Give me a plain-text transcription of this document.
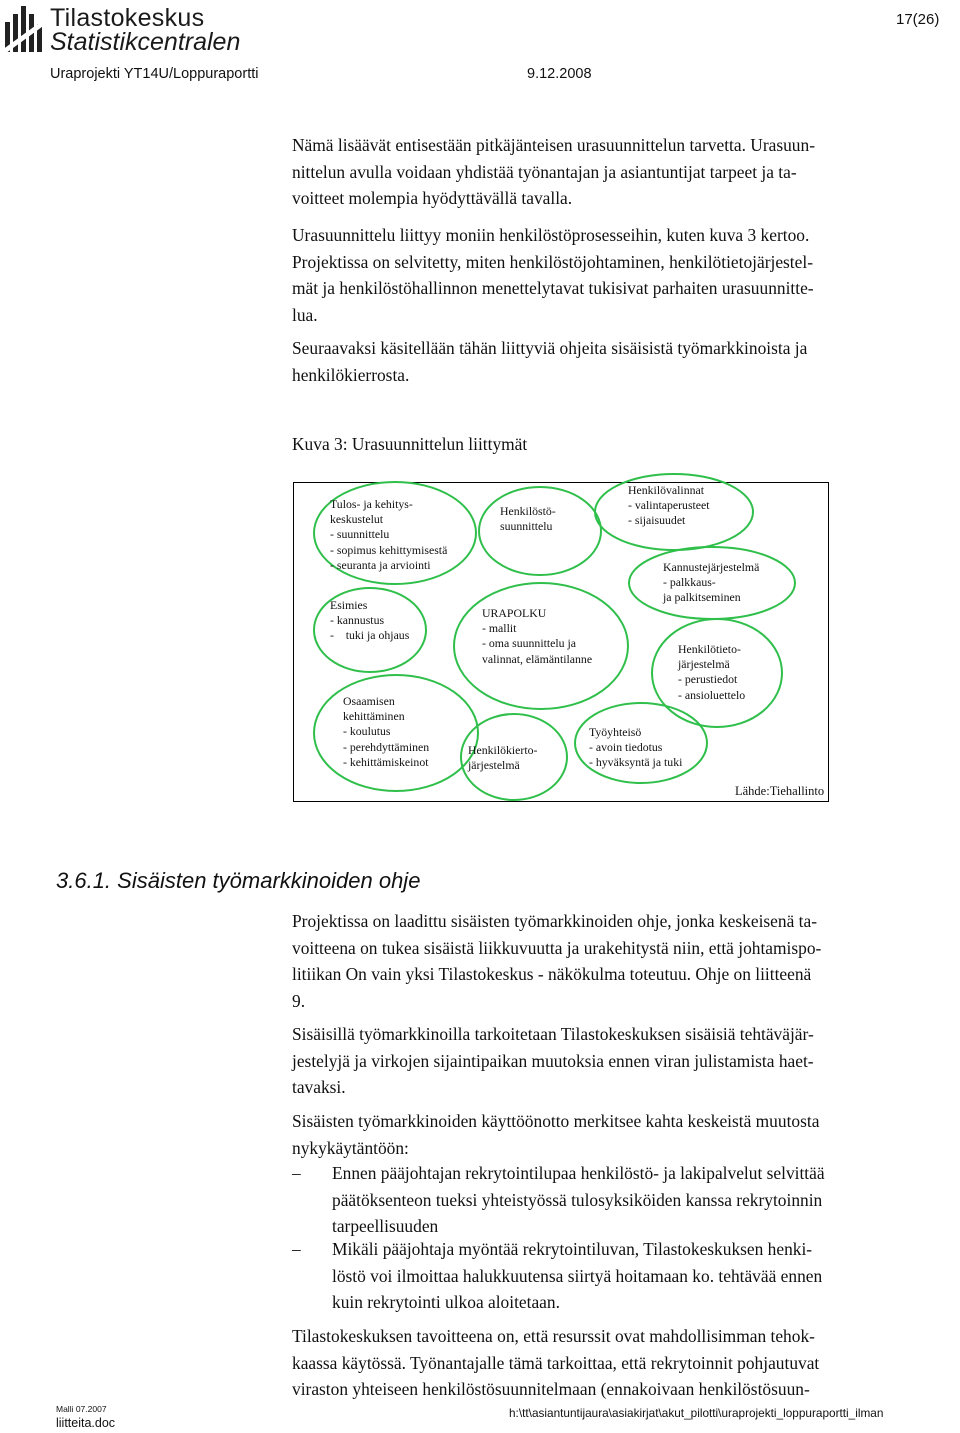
Tilastokeskus
Statistikcentralen
17(26)
Uraprojekti YT14U/Loppuraportti	9.12.2008
Nämä lisäävät entisestään pitkäjänteisen urasuunnittelun tarvetta. Urasuun-
nittelun avulla voidaan yhdistää työnantajan ja asiantuntijat tarpeet ja ta-
voitteet molempia hyödyttävällä tavalla.
Urasuunnittelu liittyy moniin henkilöstöprosesseihin, kuten kuva 3 kertoo.
Projektissa on selvitetty, miten henkilöstöjohtaminen, henkilötietojärjestel-
mät ja henkilöstöhallinnon menettelytavat tukisivat parhaiten urasuunnitte-
lua.
Seuraavaksi käsitellään tähän liittyviä ohjeita sisäisistä työmarkkinoista ja
henkilökierrosta.
Kuva 3: Urasuunnittelun liittymät
Tulos- ja kehitys-
keskustelut
- suunnittelu
- sopimus kehittymisestä
- seuranta ja arviointi
Henkilöstö-
suunnittelu
Henkilövalinnat
- valintaperusteet
- sijaisuudet
Kannustejärjestelmä
- palkkaus-
ja palkitseminen
Esimies
- kannustus
-    tuki ja ohjaus
URAPOLKU
- mallit
- oma suunnittelu ja
valinnat, elämäntilanne
Henkilötieto-
järjestelmä
- perustiedot
- ansioluettelo
Osaamisen
kehittäminen
- koulutus
- perehdyttäminen
- kehittämiskeinot
Henkilökierto-
järjestelmä
Työyhteisö
- avoin tiedotus
- hyväksyntä ja tuki
Lähde:Tiehallinto
3.6.1. Sisäisten työmarkkinoiden ohje
Projektissa on laadittu sisäisten työmarkkinoiden ohje, jonka keskeisenä ta-
voitteena on tukea sisäistä liikkuvuutta ja urakehitystä niin, että johtamispo-
litiikan On vain yksi Tilastokeskus - näkökulma toteutuu. Ohje on liitteenä
9.
Sisäisillä työmarkkinoilla tarkoitetaan Tilastokeskuksen sisäisiä tehtäväjär-
jestelyjä ja virkojen sijaintipaikan muutoksia ennen viran julistamista haet-
tavaksi.
Sisäisten työmarkkinoiden käyttöönotto merkitsee kahta keskeistä muutosta
nykykäytäntöön:
– Ennen pääjohtajan rekrytointilupaa henkilöstö- ja lakipalvelut selvittää
päätöksenteon tueksi yhteistyössä tulosyksiköiden kanssa rekrytoinnin
tarpeellisuuden
– Mikäli pääjohtaja myöntää rekrytointiluvan, Tilastokeskuksen henki-
löstö voi ilmoittaa halukkuutensa siirtyä hoitamaan ko. tehtävää ennen
kuin rekrytointi ulkoa aloitetaan.
Tilastokeskuksen tavoitteena on, että resurssit ovat mahdollisimman tehok-
kaassa käytössä. Työnantajalle tämä tarkoittaa, että rekrytoinnit pohjautuvat
viraston yhteiseen henkilöstösuunnitelmaan (ennakoivaan henkilöstösuun-
Malli 07.2007
liitteita.doc
h:\tt\asiantuntijaura\asiakirjat\akut_pilotti\uraprojekti_loppuraportti_ilman
